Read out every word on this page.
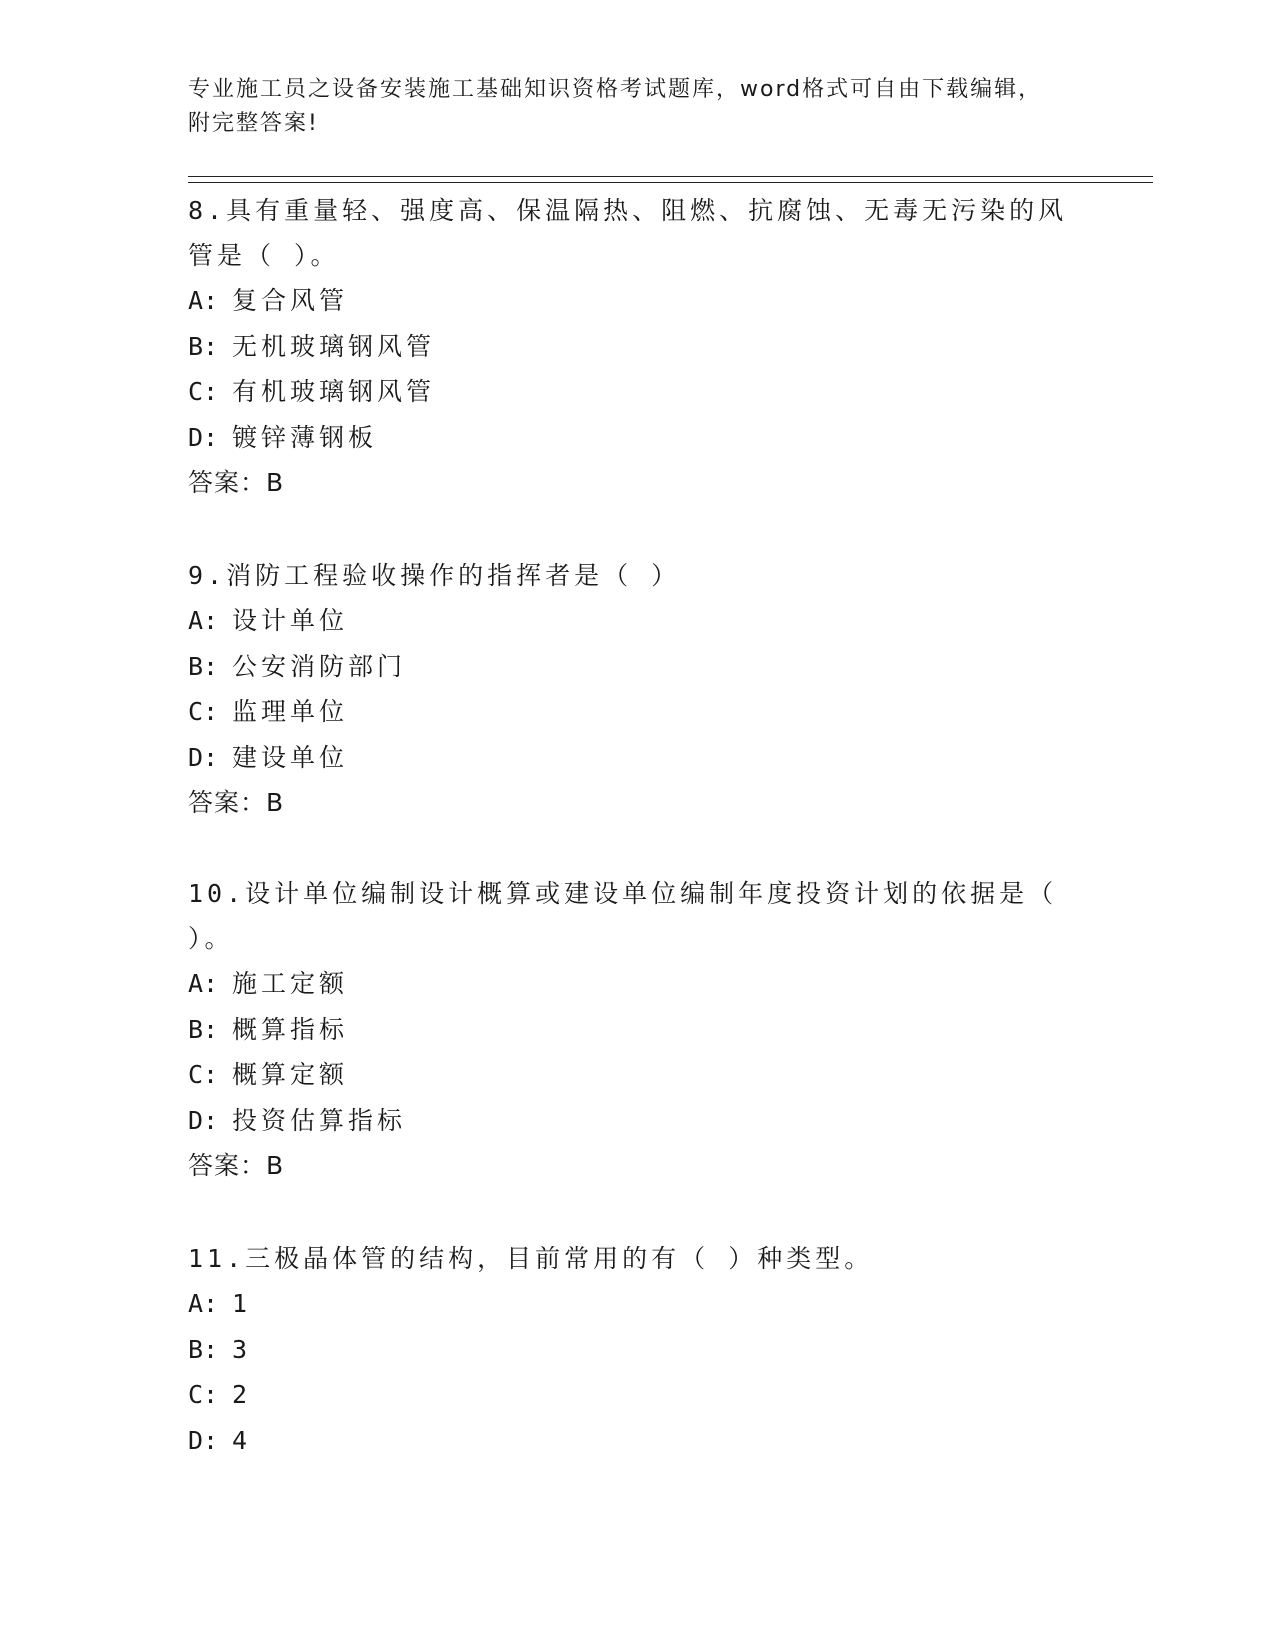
专业施工员之设备安装施工基础知识资格考试题库，word格式可自由下载编辑，
附完整答案!
8.具有重量轻、强度高、保温隔热、阻燃、抗腐蚀、无毒无污染的风
管是（ ）。
A: 复合风管
B: 无机玻璃钢风管
C: 有机玻璃钢风管
D: 镀锌薄钢板
答案：B
9.消防工程验收操作的指挥者是（ ）
A: 设计单位
B: 公安消防部门
C: 监理单位
D: 建设单位
答案：B
10.设计单位编制设计概算或建设单位编制年度投资计划的依据是（
）。
A: 施工定额
B: 概算指标
C: 概算定额
D: 投资估算指标
答案：B
11.三极晶体管的结构，目前常用的有（ ）种类型。
A: 1
B: 3
C: 2
D: 4
